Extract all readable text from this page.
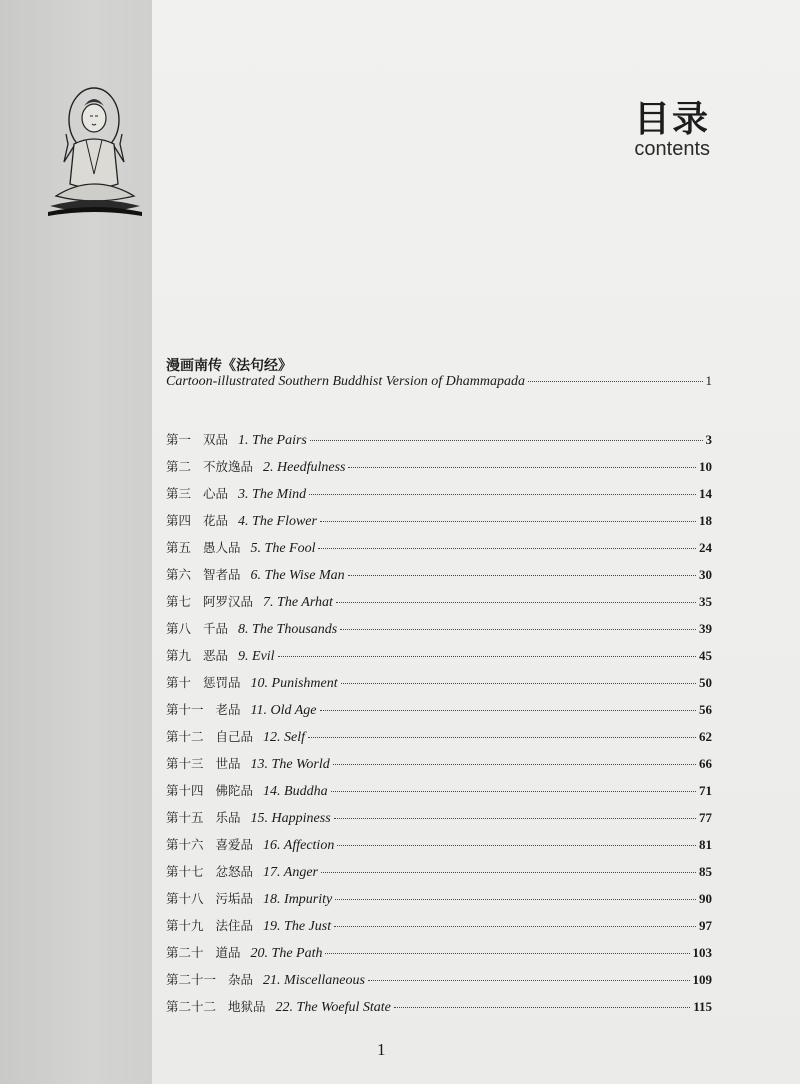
目录
contents
漫画南传《法句经》
Cartoon-illustrated Southern Buddhist Version of Dhammapada	1
第一 双品 1. The Pairs	3
第二 不放逸品 2. Heedfulness	10
第三 心品 3. The Mind	14
第四 花品 4. The Flower	18
第五 愚人品 5. The Fool	24
第六 智者品 6. The Wise Man	30
第七 阿罗汉品 7. The Arhat	35
第八 千品 8. The Thousands	39
第九 恶品 9. Evil	45
第十 惩罚品 10. Punishment	50
第十一 老品 11. Old Age	56
第十二 自己品 12. Self	62
第十三 世品 13. The World	66
第十四 佛陀品 14. Buddha	71
第十五 乐品 15. Happiness	77
第十六 喜爱品 16. Affection	81
第十七 忿怒品 17. Anger	85
第十八 污垢品 18. Impurity	90
第十九 法住品 19. The Just	97
第二十 道品 20. The Path	103
第二十一 杂品 21. Miscellaneous	109
第二十二 地狱品 22. The Woeful State	115
1
